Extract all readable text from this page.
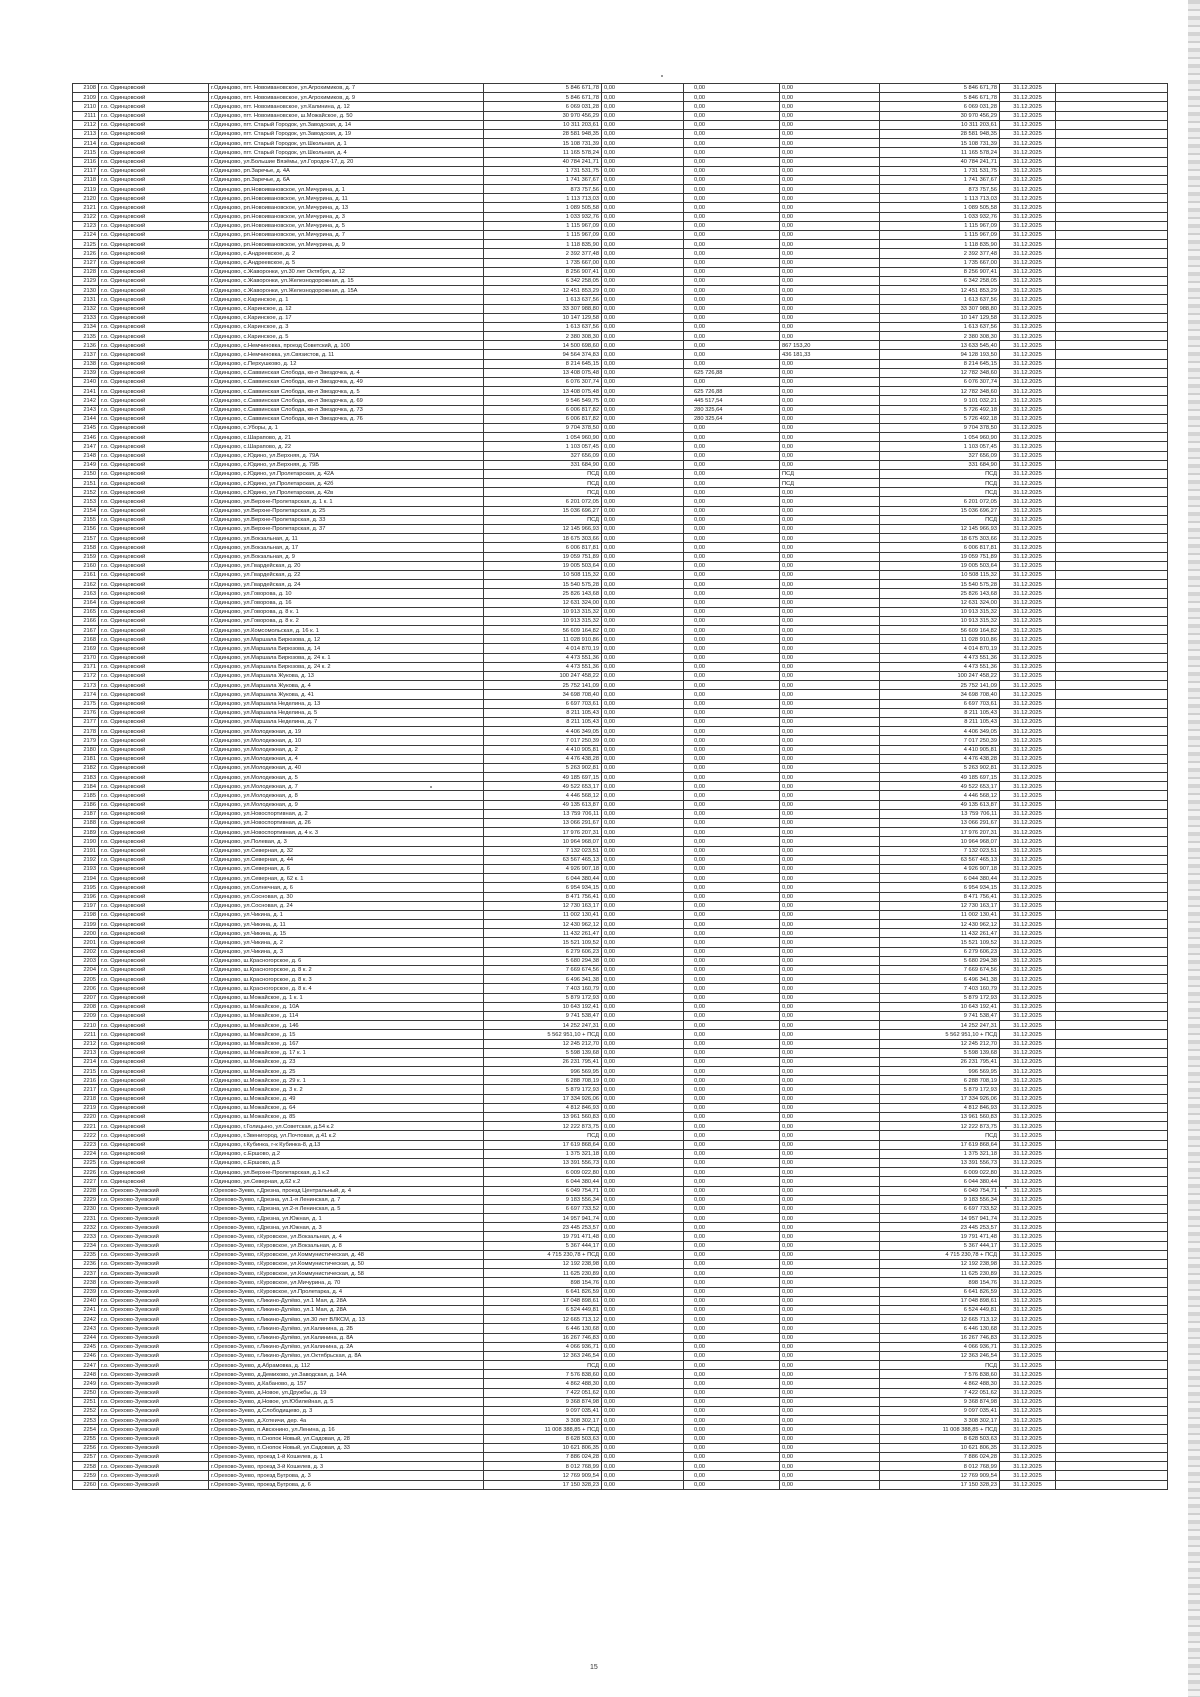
2108	г.о. Одинцовский	г.Одинцово, пгт. Новоивановское, ул.Агрохимиков, д. 7	5 846 671,78	0,00	0,00	0,00	5 846 671,78	31.12.2025	
2109	г.о. Одинцовский	г.Одинцово, пгт. Новоивановское, ул.Агрохимиков, д. 9	5 846 671,78	0,00	0,00	0,00	5 846 671,78	31.12.2025	
2110	г.о. Одинцовский	г.Одинцово, пгт. Новоивановское, ул.Калинина, д. 12	6 069 031,28	0,00	0,00	0,00	6 069 031,28	31.12.2025	
2111	г.о. Одинцовский	г.Одинцово, пгт. Новоивановское, ш.Можайское, д. 50	30 970 456,29	0,00	0,00	0,00	30 970 456,29	31.12.2025	
2112	г.о. Одинцовский	г.Одинцово, пгт. Старый Городок, ул.Заводская, д. 14	10 311 203,61	0,00	0,00	0,00	10 311 203,61	31.12.2025	
2113	г.о. Одинцовский	г.Одинцово, пгт. Старый Городок, ул.Заводская, д. 19	28 581 948,35	0,00	0,00	0,00	28 581 948,35	31.12.2025	
2114	г.о. Одинцовский	г.Одинцово, пгт. Старый Городок, ул.Школьная, д. 1	15 108 731,39	0,00	0,00	0,00	15 108 731,39	31.12.2025	
2115	г.о. Одинцовский	г.Одинцово, пгт. Старый Городок, ул.Школьная, д. 4	11 165 578,24	0,00	0,00	0,00	11 165 578,24	31.12.2025	
2116	г.о. Одинцовский	г.Одинцово, ул.Большие Вязёмы, ул.Городок-17, д. 20	40 784 241,71	0,00	0,00	0,00	40 784 241,71	31.12.2025	
2117	г.о. Одинцовский	г.Одинцово, рп.Заречье, д. 4А	1 731 531,75	0,00	0,00	0,00	1 731 531,75	31.12.2025	
2118	г.о. Одинцовский	г.Одинцово, рп.Заречье, д. 6А	1 741 367,67	0,00	0,00	0,00	1 741 367,67	31.12.2025	
2119	г.о. Одинцовский	г.Одинцово, рп.Новоивановское, ул.Мичурина, д. 1	873 757,56	0,00	0,00	0,00	873 757,56	31.12.2025	
2120	г.о. Одинцовский	г.Одинцово, рп.Новоивановское, ул.Мичурина, д. 11	1 113 713,03	0,00	0,00	0,00	1 113 713,03	31.12.2025	
2121	г.о. Одинцовский	г.Одинцово, рп.Новоивановское, ул.Мичурина, д. 13	1 089 505,58	0,00	0,00	0,00	1 089 505,58	31.12.2025	
2122	г.о. Одинцовский	г.Одинцово, рп.Новоивановское, ул.Мичурина, д. 3	1 033 932,76	0,00	0,00	0,00	1 033 932,76	31.12.2025	
2123	г.о. Одинцовский	г.Одинцово, рп.Новоивановское, ул.Мичурина, д. 5	1 115 967,09	0,00	0,00	0,00	1 115 967,09	31.12.2025	
2124	г.о. Одинцовский	г.Одинцово, рп.Новоивановское, ул.Мичурина, д. 7	1 115 967,09	0,00	0,00	0,00	1 115 967,09	31.12.2025	
2125	г.о. Одинцовский	г.Одинцово, рп.Новоивановское, ул.Мичурина, д. 9	1 118 835,90	0,00	0,00	0,00	1 118 835,90	31.12.2025	
2126	г.о. Одинцовский	г.Одинцово, с.Андреевское, д. 2	2 392 377,48	0,00	0,00	0,00	2 392 377,48	31.12.2025	
2127	г.о. Одинцовский	г.Одинцово, с.Андреевское, д. 5	1 735 667,00	0,00	0,00	0,00	1 735 667,00	31.12.2025	
2128	г.о. Одинцовский	г.Одинцово, с.Жаворонки, ул.30 лет Октября, д. 12	8 256 907,41	0,00	0,00	0,00	8 256 907,41	31.12.2025	
2129	г.о. Одинцовский	г.Одинцово, с.Жаворонки, ул.Железнодорожная, д. 15	6 342 258,05	0,00	0,00	0,00	6 342 258,05	31.12.2025	
2130	г.о. Одинцовский	г.Одинцово, с.Жаворонки, ул.Железнодорожная, д. 15А	12 451 853,29	0,00	0,00	0,00	12 451 853,29	31.12.2025	
2131	г.о. Одинцовский	г.Одинцово, с.Каринское, д. 1	1 613 637,56	0,00	0,00	0,00	1 613 637,56	31.12.2025	
2132	г.о. Одинцовский	г.Одинцово, с.Каринское, д. 12	33 307 988,80	0,00	0,00	0,00	33 307 988,80	31.12.2025	
2133	г.о. Одинцовский	г.Одинцово, с.Каринское, д. 17	10 147 129,58	0,00	0,00	0,00	10 147 129,58	31.12.2025	
2134	г.о. Одинцовский	г.Одинцово, с.Каринское, д. 3	1 613 637,56	0,00	0,00	0,00	1 613 637,56	31.12.2025	
2135	г.о. Одинцовский	г.Одинцово, с.Каринское, д. 5	2 380 308,30	0,00	0,00	0,00	2 380 308,30	31.12.2025	
2136	г.о. Одинцовский	г.Одинцово, с.Немчиновка, проезд Советский, д. 100	14 500 698,60	0,00	0,00	867 153,20	13 633 545,40	31.12.2025	
2137	г.о. Одинцовский	г.Одинцово, с.Немчиновка, ул.Связистов, д. 11	94 564 374,83	0,00	0,00	436 181,33	94 128 193,50	31.12.2025	
2138	г.о. Одинцовский	г.Одинцово, с.Перхушково, д. 12	8 214 645,15	0,00	0,00	0,00	8 214 645,15	31.12.2025	
2139	г.о. Одинцовский	г.Одинцово, с.Саввинская Слобода, кв-л Звездочка, д. 4	13 408 075,48	0,00	625 726,88	0,00	12 782 348,60	31.12.2025	
2140	г.о. Одинцовский	г.Одинцово, с.Саввинская Слобода, кв-л Звездочка, д. 49	6 076 307,74	0,00	0,00	0,00	6 076 307,74	31.12.2025	
2141	г.о. Одинцовский	г.Одинцово, с.Саввинская Слобода, кв-л Звездочка, д. 5	13 408 075,48	0,00	625 726,88	0,00	12 782 348,60	31.12.2025	
2142	г.о. Одинцовский	г.Одинцово, с.Саввинская Слобода, кв-л Звездочка, д. 69	9 546 549,75	0,00	445 517,54	0,00	9 101 032,21	31.12.2025	
2143	г.о. Одинцовский	г.Одинцово, с.Саввинская Слобода, кв-л Звездочка, д. 73	6 006 817,82	0,00	280 325,64	0,00	5 726 492,18	31.12.2025	
2144	г.о. Одинцовский	г.Одинцово, с.Саввинская Слобода, кв-л Звездочка, д. 76	6 006 817,82	0,00	280 325,64	0,00	5 726 492,18	31.12.2025	
2145	г.о. Одинцовский	г.Одинцово, с.Уборы, д. 1	9 704 378,50	0,00	0,00	0,00	9 704 378,50	31.12.2025	
2146	г.о. Одинцовский	г.Одинцово, с.Шарапово, д. 21	1 054 960,90	0,00	0,00	0,00	1 054 960,90	31.12.2025	
2147	г.о. Одинцовский	г.Одинцово, с.Шарапово, д. 22	1 103 057,45	0,00	0,00	0,00	1 103 057,45	31.12.2025	
2148	г.о. Одинцовский	г.Одинцово, с.Юдино, ул.Верхняя, д. 79А	327 656,09	0,00	0,00	0,00	327 656,09	31.12.2025	
2149	г.о. Одинцовский	г.Одинцово, с.Юдино, ул.Верхняя, д. 79Б	331 684,90	0,00	0,00	0,00	331 684,90	31.12.2025	
2150	г.о. Одинцовский	г.Одинцово, с.Юдино, ул.Пролетарская, д. 42А	ПСД	0,00	0,00	ПСД	ПСД	31.12.2025	
2151	г.о. Одинцовский	г.Одинцово, с.Юдино, ул.Пролетарская, д. 42б	ПСД	0,00	0,00	ПСД	ПСД	31.12.2025	
2152	г.о. Одинцовский	г.Одинцово, с.Юдино, ул.Пролетарская, д. 42в	ПСД	0,00	0,00	0,00	ПСД	31.12.2025	
2153	г.о. Одинцовский	г.Одинцово, ул.Верхне-Пролетарская, д. 1 к. 1	6 201 072,05	0,00	0,00	0,00	6 201 072,05	31.12.2025	
2154	г.о. Одинцовский	г.Одинцово, ул.Верхне-Пролетарская, д. 25	15 036 696,27	0,00	0,00	0,00	15 036 696,27	31.12.2025	
2155	г.о. Одинцовский	г.Одинцово, ул.Верхне-Пролетарская, д. 33	ПСД	0,00	0,00	0,00	ПСД	31.12.2025	
2156	г.о. Одинцовский	г.Одинцово, ул.Верхне-Пролетарская, д. 37	12 145 966,93	0,00	0,00	0,00	12 145 966,93	31.12.2025	
2157	г.о. Одинцовский	г.Одинцово, ул.Вокзальная, д. 11	18 675 303,66	0,00	0,00	0,00	18 675 303,66	31.12.2025	
2158	г.о. Одинцовский	г.Одинцово, ул.Вокзальная, д. 17	6 006 817,81	0,00	0,00	0,00	6 006 817,81	31.12.2025	
2159	г.о. Одинцовский	г.Одинцово, ул.Вокзальная, д. 9	19 059 751,89	0,00	0,00	0,00	19 059 751,89	31.12.2025	
2160	г.о. Одинцовский	г.Одинцово, ул.Гвардейская, д. 20	19 005 503,64	0,00	0,00	0,00	19 005 503,64	31.12.2025	
2161	г.о. Одинцовский	г.Одинцово, ул.Гвардейская, д. 22	10 508 115,32	0,00	0,00	0,00	10 508 115,32	31.12.2025	
2162	г.о. Одинцовский	г.Одинцово, ул.Гвардейская, д. 24	15 540 575,28	0,00	0,00	0,00	15 540 575,28	31.12.2025	
2163	г.о. Одинцовский	г.Одинцово, ул.Говорова, д. 10	25 826 143,68	0,00	0,00	0,00	25 826 143,68	31.12.2025	
2164	г.о. Одинцовский	г.Одинцово, ул.Говорова, д. 16	12 631 324,00	0,00	0,00	0,00	12 631 324,00	31.12.2025	
2165	г.о. Одинцовский	г.Одинцово, ул.Говорова, д. 8 к. 1	10 913 315,32	0,00	0,00	0,00	10 913 315,32	31.12.2025	
2166	г.о. Одинцовский	г.Одинцово, ул.Говорова, д. 8 к. 2	10 913 315,32	0,00	0,00	0,00	10 913 315,32	31.12.2025	
2167	г.о. Одинцовский	г.Одинцово, ул.Комсомольская, д. 16 к. 1	56 609 164,82	0,00	0,00	0,00	56 609 164,82	31.12.2025	
2168	г.о. Одинцовский	г.Одинцово, ул.Маршала Бирюзова, д. 12	11 028 910,86	0,00	0,00	0,00	11 028 910,86	31.12.2025	
2169	г.о. Одинцовский	г.Одинцово, ул.Маршала Бирюзова, д. 14	4 014 870,19	0,00	0,00	0,00	4 014 870,19	31.12.2025	
2170	г.о. Одинцовский	г.Одинцово, ул.Маршала Бирюзова, д. 24 к. 1	4 473 551,36	0,00	0,00	0,00	4 473 551,36	31.12.2025	
2171	г.о. Одинцовский	г.Одинцово, ул.Маршала Бирюзова, д. 24 к. 2	4 473 551,36	0,00	0,00	0,00	4 473 551,36	31.12.2025	
2172	г.о. Одинцовский	г.Одинцово, ул.Маршала Жукова, д. 13	100 247 458,22	0,00	0,00	0,00	100 247 458,22	31.12.2025	
2173	г.о. Одинцовский	г.Одинцово, ул.Маршала Жукова, д. 4	25 752 141,09	0,00	0,00	0,00	25 752 141,09	31.12.2025	
2174	г.о. Одинцовский	г.Одинцово, ул.Маршала Жукова, д. 41	34 698 708,40	0,00	0,00	0,00	34 698 708,40	31.12.2025	
2175	г.о. Одинцовский	г.Одинцово, ул.Маршала Неделина, д. 13	6 697 703,61	0,00	0,00	0,00	6 697 703,61	31.12.2025	
2176	г.о. Одинцовский	г.Одинцово, ул.Маршала Неделина, д. 5	8 211 105,43	0,00	0,00	0,00	8 211 105,43	31.12.2025	
2177	г.о. Одинцовский	г.Одинцово, ул.Маршала Неделина, д. 7	8 211 105,43	0,00	0,00	0,00	8 211 105,43	31.12.2025	
2178	г.о. Одинцовский	г.Одинцово, ул.Молодежная, д. 19	4 406 349,05	0,00	0,00	0,00	4 406 349,05	31.12.2025	
2179	г.о. Одинцовский	г.Одинцово, ул.Молодежная, д. 10	7 017 250,39	0,00	0,00	0,00	7 017 250,39	31.12.2025	
2180	г.о. Одинцовский	г.Одинцово, ул.Молодежная, д. 2	4 410 905,81	0,00	0,00	0,00	4 410 905,81	31.12.2025	
2181	г.о. Одинцовский	г.Одинцово, ул.Молодежная, д. 4	4 476 438,28	0,00	0,00	0,00	4 476 438,28	31.12.2025	
2182	г.о. Одинцовский	г.Одинцово, ул.Молодежная, д. 40	5 263 902,81	0,00	0,00	0,00	5 263 902,81	31.12.2025	
2183	г.о. Одинцовский	г.Одинцово, ул.Молодежная, д. 5	49 185 697,15	0,00	0,00	0,00	49 185 697,15	31.12.2025	
2184	г.о. Одинцовский	г.Одинцово, ул.Молодежная, д. 7	49 522 653,17	0,00	0,00	0,00	49 522 653,17	31.12.2025	
2185	г.о. Одинцовский	г.Одинцово, ул.Молодежная, д. 8	4 446 568,12	0,00	0,00	0,00	4 446 568,12	31.12.2025	
2186	г.о. Одинцовский	г.Одинцово, ул.Молодежная, д. 9	49 135 613,87	0,00	0,00	0,00	49 135 613,87	31.12.2025	
2187	г.о. Одинцовский	г.Одинцово, ул.Новоспортивная, д. 2	13 759 706,11	0,00	0,00	0,00	13 759 706,11	31.12.2025	
2188	г.о. Одинцовский	г.Одинцово, ул.Новоспортивная, д. 26	13 066 291,67	0,00	0,00	0,00	13 066 291,67	31.12.2025	
2189	г.о. Одинцовский	г.Одинцово, ул.Новоспортивная, д. 4 к. 3	17 976 207,31	0,00	0,00	0,00	17 976 207,31	31.12.2025	
2190	г.о. Одинцовский	г.Одинцово, ул.Полевая, д. 3	10 964 968,07	0,00	0,00	0,00	10 964 968,07	31.12.2025	
2191	г.о. Одинцовский	г.Одинцово, ул.Северная, д. 32	7 132 023,51	0,00	0,00	0,00	7 132 023,51	31.12.2025	
2192	г.о. Одинцовский	г.Одинцово, ул.Северная, д. 44	63 567 465,13	0,00	0,00	0,00	63 567 465,13	31.12.2025	
2193	г.о. Одинцовский	г.Одинцово, ул.Северная, д. 6	4 926 907,18	0,00	0,00	0,00	4 926 907,18	31.12.2025	
2194	г.о. Одинцовский	г.Одинцово, ул.Северная, д. 62 к. 1	6 044 380,44	0,00	0,00	0,00	6 044 380,44	31.12.2025	
2195	г.о. Одинцовский	г.Одинцово, ул.Солнечная, д. 6	6 954 934,15	0,00	0,00	0,00	6 954 934,15	31.12.2025	
2196	г.о. Одинцовский	г.Одинцово, ул.Сосновая, д. 30	8 471 756,41	0,00	0,00	0,00	8 471 756,41	31.12.2025	
2197	г.о. Одинцовский	г.Одинцово, ул.Сосновая, д. 24	12 730 163,17	0,00	0,00	0,00	12 730 163,17	31.12.2025	
2198	г.о. Одинцовский	г.Одинцово, ул.Чикина, д. 1	11 002 130,41	0,00	0,00	0,00	11 002 130,41	31.12.2025	
2199	г.о. Одинцовский	г.Одинцово, ул.Чикина, д. 11	12 430 962,12	0,00	0,00	0,00	12 430 962,12	31.12.2025	
2200	г.о. Одинцовский	г.Одинцово, ул.Чикина, д. 15	11 432 261,47	0,00	0,00	0,00	11 432 261,47	31.12.2025	
2201	г.о. Одинцовский	г.Одинцово, ул.Чикина, д. 2	15 521 109,52	0,00	0,00	0,00	15 521 109,52	31.12.2025	
2202	г.о. Одинцовский	г.Одинцово, ул.Чикина, д. 3	6 279 606,23	0,00	0,00	0,00	6 279 606,23	31.12.2025	
2203	г.о. Одинцовский	г.Одинцово, ш.Красногорское, д. 6	5 680 294,38	0,00	0,00	0,00	5 680 294,38	31.12.2025	
2204	г.о. Одинцовский	г.Одинцово, ш.Красногорское, д. 8 к. 2	7 669 674,56	0,00	0,00	0,00	7 669 674,56	31.12.2025	
2205	г.о. Одинцовский	г.Одинцово, ш.Красногорское, д. 8 к. 3	6 496 341,38	0,00	0,00	0,00	6 496 341,38	31.12.2025	
2206	г.о. Одинцовский	г.Одинцово, ш.Красногорское, д. 8 к. 4	7 403 160,79	0,00	0,00	0,00	7 403 160,79	31.12.2025	
2207	г.о. Одинцовский	г.Одинцово, ш.Можайское, д. 1 к. 1	5 879 172,93	0,00	0,00	0,00	5 879 172,93	31.12.2025	
2208	г.о. Одинцовский	г.Одинцово, ш.Можайское, д. 10А	10 643 192,41	0,00	0,00	0,00	10 643 192,41	31.12.2025	
2209	г.о. Одинцовский	г.Одинцово, ш.Можайское, д. 114	9 741 538,47	0,00	0,00	0,00	9 741 538,47	31.12.2025	
2210	г.о. Одинцовский	г.Одинцово, ш.Можайское, д. 146	14 252 247,31	0,00	0,00	0,00	14 252 247,31	31.12.2025	
2211	г.о. Одинцовский	г.Одинцово, ш.Можайское, д. 15	5 562 951,10 + ПСД	0,00	0,00	0,00	5 562 951,10 + ПСД	31.12.2025	
2212	г.о. Одинцовский	г.Одинцово, ш.Можайское, д. 167	12 245 212,70	0,00	0,00	0,00	12 245 212,70	31.12.2025	
2213	г.о. Одинцовский	г.Одинцово, ш.Можайское, д. 17 к. 1	5 598 139,68	0,00	0,00	0,00	5 598 139,68	31.12.2025	
2214	г.о. Одинцовский	г.Одинцово, ш.Можайское, д. 23	26 231 795,41	0,00	0,00	0,00	26 231 795,41	31.12.2025	
2215	г.о. Одинцовский	г.Одинцово, ш.Можайское, д. 25	996 569,95	0,00	0,00	0,00	996 569,95	31.12.2025	
2216	г.о. Одинцовский	г.Одинцово, ш.Можайское, д. 29 к. 1	6 288 708,19	0,00	0,00	0,00	6 288 708,19	31.12.2025	
2217	г.о. Одинцовский	г.Одинцово, ш.Можайское, д. 3 к. 2	5 879 172,93	0,00	0,00	0,00	5 879 172,93	31.12.2025	
2218	г.о. Одинцовский	г.Одинцово, ш.Можайское, д. 49	17 334 926,06	0,00	0,00	0,00	17 334 926,06	31.12.2025	
2219	г.о. Одинцовский	г.Одинцово, ш.Можайское, д. 64	4 812 846,93	0,00	0,00	0,00	4 812 846,93	31.12.2025	
2220	г.о. Одинцовский	г.Одинцово, ш.Можайское, д. 85	13 961 560,83	0,00	0,00	0,00	13 961 560,83	31.12.2025	
2221	г.о. Одинцовский	г.Одинцово, г.Голицыно, ул.Советская, д.54 к.2	12 222 873,75	0,00	0,00	0,00	12 222 873,75	31.12.2025	
2222	г.о. Одинцовский	г.Одинцово, г.Звенигород, ул.Почтовая, д.41 к.2	ПСД	0,00	0,00	0,00	ПСД	31.12.2025	
2223	г.о. Одинцовский	г.Одинцово, г.Кубинка, г-к Кубинка-8, д.13	17 619 868,64	0,00	0,00	0,00	17 619 868,64	31.12.2025	
2224	г.о. Одинцовский	г.Одинцово, с.Ершово, д.2	1 375 321,18	0,00	0,00	0,00	1 375 321,18	31.12.2025	
2225	г.о. Одинцовский	г.Одинцово, с.Ершово, д.5	13 391 556,73	0,00	0,00	0,00	13 391 556,73	31.12.2025	
2226	г.о. Одинцовский	г.Одинцово, ул.Верхне-Пролетарская, д.1 к.2	6 009 022,80	0,00	0,00	0,00	6 009 022,80	31.12.2025	
2227	г.о. Одинцовский	г.Одинцово, ул.Северная, д.62 к.2	6 044 380,44	0,00	0,00	0,00	6 044 380,44	31.12.2025	
2228	г.о. Орехово-Зуевский	г.Орехово-Зуево, г.Дрезна, проезд Центральный, д. 4	6 049 754,71	0,00	0,00	0,00	6 049 754,71	31.12.2025	
2229	г.о. Орехово-Зуевский	г.Орехово-Зуево, г.Дрезна, ул.1-я Ленинская, д. 7	9 183 556,34	0,00	0,00	0,00	9 183 556,34	31.12.2025	
2230	г.о. Орехово-Зуевский	г.Орехово-Зуево, г.Дрезна, ул.2-я Ленинская, д. 5	6 697 733,52	0,00	0,00	0,00	6 697 733,52	31.12.2025	
2231	г.о. Орехово-Зуевский	г.Орехово-Зуево, г.Дрезна, ул.Южная, д. 1	14 957 941,74	0,00	0,00	0,00	14 957 941,74	31.12.2025	
2232	г.о. Орехово-Зуевский	г.Орехово-Зуево, г.Дрезна, ул.Южная, д. 3	23 445 253,57	0,00	0,00	0,00	23 445 253,57	31.12.2025	
2233	г.о. Орехово-Зуевский	г.Орехово-Зуево, г.Куровское, ул.Вокзальная, д. 4	19 791 471,48	0,00	0,00	0,00	19 791 471,48	31.12.2025	
2234	г.о. Орехово-Зуевский	г.Орехово-Зуево, г.Куровское, ул.Вокзальная, д. 8	5 367 444,17	0,00	0,00	0,00	5 367 444,17	31.12.2025	
2235	г.о. Орехово-Зуевский	г.Орехово-Зуево, г.Куровское, ул.Коммунистическая, д. 48	4 715 230,78 + ПСД	0,00	0,00	0,00	4 715 230,78 + ПСД	31.12.2025	
2236	г.о. Орехово-Зуевский	г.Орехово-Зуево, г.Куровское, ул.Коммунистическая, д. 50	12 192 238,98	0,00	0,00	0,00	12 192 238,98	31.12.2025	
2237	г.о. Орехово-Зуевский	г.Орехово-Зуево, г.Куровское, ул.Коммунистическая, д. 58	11 625 230,89	0,00	0,00	0,00	11 625 230,89	31.12.2025	
2238	г.о. Орехово-Зуевский	г.Орехово-Зуево, г.Куровское, ул.Мичурина, д. 70	898 154,76	0,00	0,00	0,00	898 154,76	31.12.2025	
2239	г.о. Орехово-Зуевский	г.Орехово-Зуево, г.Куровское, ул.Пролетарка, д. 4	6 641 826,59	0,00	0,00	0,00	6 641 826,59	31.12.2025	
2240	г.о. Орехово-Зуевский	г.Орехово-Зуево, г.Ликино-Дулёво, ул.1 Мая, д. 28А	17 048 898,61	0,00	0,00	0,00	17 048 898,61	31.12.2025	
2241	г.о. Орехово-Зуевский	г.Орехово-Зуево, г.Ликино-Дулёво, ул.1 Мая, д. 28А	6 524 449,81	0,00	0,00	0,00	6 524 449,81	31.12.2025	
2242	г.о. Орехово-Зуевский	г.Орехово-Зуево, г.Ликино-Дулёво, ул.30 лет ВЛКСМ, д. 13	12 665 713,12	0,00	0,00	0,00	12 665 713,12	31.12.2025	
2243	г.о. Орехово-Зуевский	г.Орехово-Зуево, г.Ликино-Дулёво, ул.Калинина, д. 2Б	6 446 130,68	0,00	0,00	0,00	6 446 130,68	31.12.2025	
2244	г.о. Орехово-Зуевский	г.Орехово-Зуево, г.Ликино-Дулёво, ул.Калинина, д. 8А	16 267 746,83	0,00	0,00	0,00	16 267 746,83	31.12.2025	
2245	г.о. Орехово-Зуевский	г.Орехово-Зуево, г.Ликино-Дулёво, ул.Калинина, д. 2А	4 066 936,71	0,00	0,00	0,00	4 066 936,71	31.12.2025	
2246	г.о. Орехово-Зуевский	г.Орехово-Зуево, г.Ликино-Дулёво, ул.Октябрьская, д. 8А	12 363 246,54	0,00	0,00	0,00	12 363 246,54	31.12.2025	
2247	г.о. Орехово-Зуевский	г.Орехово-Зуево, д.Абрамовка, д. 112	ПСД	0,00	0,00	0,00	ПСД	31.12.2025	
2248	г.о. Орехово-Зуевский	г.Орехово-Зуево, д.Демихово, ул.Заводская, д. 14А	7 576 838,60	0,00	0,00	0,00	7 576 838,60	31.12.2025	
2249	г.о. Орехово-Зуевский	г.Орехово-Зуево, д.Кабаново, д. 157	4 862 488,30	0,00	0,00	0,00	4 862 488,30	31.12.2025	
2250	г.о. Орехово-Зуевский	г.Орехово-Зуево, д.Новое, ул.Дружбы, д. 19	7 422 051,62	0,00	0,00	0,00	7 422 051,62	31.12.2025	
2251	г.о. Орехово-Зуевский	г.Орехово-Зуево, д.Новое, ул.Юбилейная, д. 5	9 368 874,98	0,00	0,00	0,00	9 368 874,98	31.12.2025	
2252	г.о. Орехово-Зуевский	г.Орехово-Зуево, д.Слободищево, д. 3	9 097 035,41	0,00	0,00	0,00	9 097 035,41	31.12.2025	
2253	г.о. Орехово-Зуевский	г.Орехово-Зуево, д.Хотеичи, дер. 4а	3 308 302,17	0,00	0,00	0,00	3 308 302,17	31.12.2025	
2254	г.о. Орехово-Зуевский	г.Орехово-Зуево, п.Авсюнино, ул.Ленина, д. 16	11 008 388,85 + ПСД	0,00	0,00	0,00	11 008 388,85 + ПСД	31.12.2025	
2255	г.о. Орехово-Зуевский	г.Орехово-Зуево, п.Снопок Новый, ул.Садовая, д. 28	8 628 503,63	0,00	0,00	0,00	8 628 503,63	31.12.2025	
2256	г.о. Орехово-Зуевский	г.Орехово-Зуево, п.Снопок Новый, ул.Садовая, д. 33	10 621 806,35	0,00	0,00	0,00	10 621 806,35	31.12.2025	
2257	г.о. Орехово-Зуевский	г.Орехово-Зуево, проезд 1-й Кошелев, д. 1	7 886 024,28	0,00	0,00	0,00	7 886 024,28	31.12.2025	
2258	г.о. Орехово-Зуевский	г.Орехово-Зуево, проезд 3-й Кошелев, д. 3	8 012 768,99	0,00	0,00	0,00	8 012 768,99	31.12.2025	
2259	г.о. Орехово-Зуевский	г.Орехово-Зуево, проезд Бугрова, д. 3	12 769 909,54	0,00	0,00	0,00	12 769 909,54	31.12.2025	
2260	г.о. Орехово-Зуевский	г.Орехово-Зуево, проезд Бугрова, д. 6	17 150 328,23	0,00	0,00	0,00	17 150 328,23	31.12.2025	
15
